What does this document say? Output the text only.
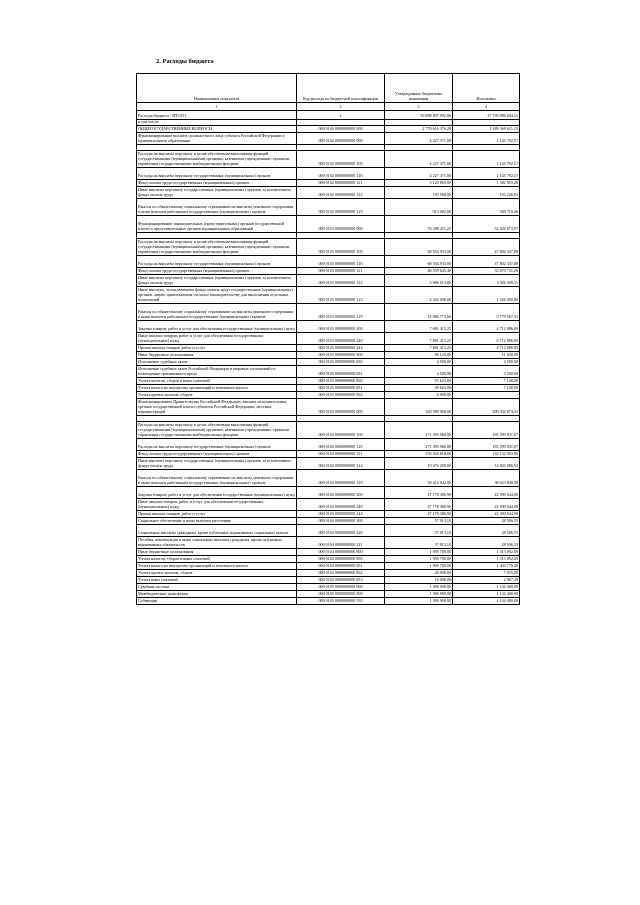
2. Расходы бюджета
Наименование показателя	Код расхода по бюджетной классификации	Утвержденные бюджетные назначения	Исполнено
1	2	3	4
Расходы бюджета - ИТОГО	x	56 888 897 092,06	37 793 086 694,15
в том числе:			
ОБЩЕГОСУДАРСТВЕННЫЕ ВОПРОСЫ	000 0100 0000000000 000	2 770 616 376,28	1 489 369 611,15
Функционирование высшего должностного лица субъекта Российской Федерации и муниципального образования	000 0102 0000000000 000	4 227 371,00	2 145 792,57

Расходы на выплаты персоналу в целях обеспечения выполнения функций государственными (муниципальными) органами, казенными учреждениями, органами управления государственными внебюджетными фондами	000 0102 0000000000 100	4 227 371,00	2 145 792,57
Расходы на выплаты персоналу государственных (муниципальных) органов	000 0102 0000000000 120	4 227 371,00	2 145 792,57
Фонд оплаты труда государственных (муниципальных) органов	000 0102 0000000000 121	3 120 869,00	1 582 855,28
Иные выплаты персоналу государственных (муниципальных) органов, за исключением фонда оплаты труда	000 0102 0000000000 122	193 500,00	193 226,83
Взносы по обязательному социальному страхованию на выплаты денежного содержания и иные выплаты работникам государственных (муниципальных) органов	000 0102 0000000000 129	913 002,00	369 710,46
Функционирование законодательных (представительных) органов государственной власти и представительных органов муниципальных образований	000 0103 0000000000 000	76 298 471,25	52 526 873,97

Расходы на выплаты персоналу в целях обеспечения выполнения функций государственными (муниципальными) органами, казенными учреждениями, органами управления государственными внебюджетными фондами	000 0103 0000000000 100	68 554 933,00	47 802 347,88
Расходы на выплаты персоналу государственных (муниципальных) органов	000 0103 0000000000 120	68 554 933,00	47 802 347,88
Фонд оплаты труда государственных (муниципальных) органов	000 0103 0000000000 121	48 559 645,40	33 670 731,26
Иные выплаты персоналу государственных (муниципальных) органов, за исключением фонда оплаты труда	000 0103 0000000000 122	3 686 514,00	3 026 049,31
Иные выплаты, за исключением фонда оплаты труда государственных (муниципальных) органов, лицам, привлекаемым согласно законодательству для выполнения отдельных полномочий	000 0103 0000000000 123	2 242 000,00	1 326 000,00
Взносы по обязательному социальному страхованию на выплаты денежного содержания и иные выплаты работникам государственных (муниципальных) органов	000 0103 0000000000 129	14 066 773,60	9 779 567,31
Закупка товаров, работ и услуг для обеспечения государственных (муниципальных) нужд	000 0103 0000000000 200	7 681 415,25	4 712 886,09
Иные закупки товаров, работ и услуг для обеспечения государственных (муниципальных) нужд	000 0103 0000000000 240	7 681 415,25	4 712 886,09
Прочая закупка товаров, работ и услуг	000 0103 0000000000 244	7 681 415,25	4 712 886,09
Иные бюджетные ассигнования	000 0103 0000000000 800	60 123,00	11 640,00
Исполнение судебных актов	000 0103 0000000000 830	4 500,00	4 500,00
Исполнение судебных актов Российской Федерации и мировых соглашений по возмещению причиненного вреда	000 0103 0000000000 831	4 500,00	4 500,00
Уплата налогов, сборов и иных платежей	000 0103 0000000000 850	55 623,00	7 140,00
Уплата налога на имущество организаций и земельного налога	000 0103 0000000000 851	49 623,00	7 140,00
Уплата прочих налогов, сборов	000 0103 0000000000 852	6 000,00	-
Функционирование Правительства Российской Федерации, высших исполнительных органов государственной власти субъектов Российской Федерации, местных администраций	000 0104 0000000000 000	320 589 060,00	209 332 874,31

Расходы на выплаты персоналу в целях обеспечения выполнения функций государственными (муниципальными) органами, казенными учреждениями, органами управления государственными внебюджетными фондами	000 0104 0000000000 100	271 393 960,00	185 599 831,07
Расходы на выплаты персоналу государственных (муниципальных) органов	000 0104 0000000000 120	271 393 960,00	185 599 831,07
Фонд оплаты труда государственных (муниципальных) органов	000 0104 0000000000 121	193 504 818,00	132 132 003,96
Иные выплаты персоналу государственных (муниципальных) органов, за исключением фонда оплаты труда	000 0104 0000000000 122	19 474 200,00	14 843 986,53
Взносы по обязательному социальному страхованию на выплаты денежного содержания и иные выплаты работникам государственных (муниципальных) органов	000 0104 0000000000 129	58 414 942,00	38 623 840,58
Закупка товаров, работ и услуг для обеспечения государственных (муниципальных) нужд	000 0104 0000000000 200	47 178 386,90	22 390 644,00
Иные закупки товаров, работ и услуг для обеспечения государственных (муниципальных) нужд	000 0104 0000000000 240	47 178 386,90	22 390 644,00
Прочая закупка товаров, работ и услуг	000 0104 0000000000 244	47 178 386,90	22 390 644,00
Социальное обеспечение и иные выплаты населению	000 0104 0000000000 300	57 013,10	28 506,55
Социальные выплаты гражданам, кроме публичных нормативных социальных выплат	000 0104 0000000000 320	57 013,10	28 506,55
Пособия, компенсации и иные социальные выплаты гражданам, кроме публичных нормативных обязательств	000 0104 0000000000 321	57 013,10	28 506,55
Иные бюджетные ассигнования	000 0104 0000000000 800	1 959 700,00	1 313 892,69
Уплата налогов, сборов и иных платежей	000 0104 0000000000 850	1 959 700,00	1 313 892,69
Уплата налога на имущество организаций и земельного налога	000 0104 0000000000 851	1 909 700,00	1 304 770,40
Уплата прочих налогов, сборов	000 0104 0000000000 852	40 000,00	7 055,00
Уплата иных платежей	000 0104 0000000000 853	10 000,00	2 067,29
Судебная система	000 0105 0000000000 000	1 396 900,00	1 134 400,00
Межбюджетные трансферты	000 0105 0000000000 500	1 396 900,00	1 134 400,00
Субвенции	000 0105 0000000000 530	1 396 900,00	1 134 400,00
